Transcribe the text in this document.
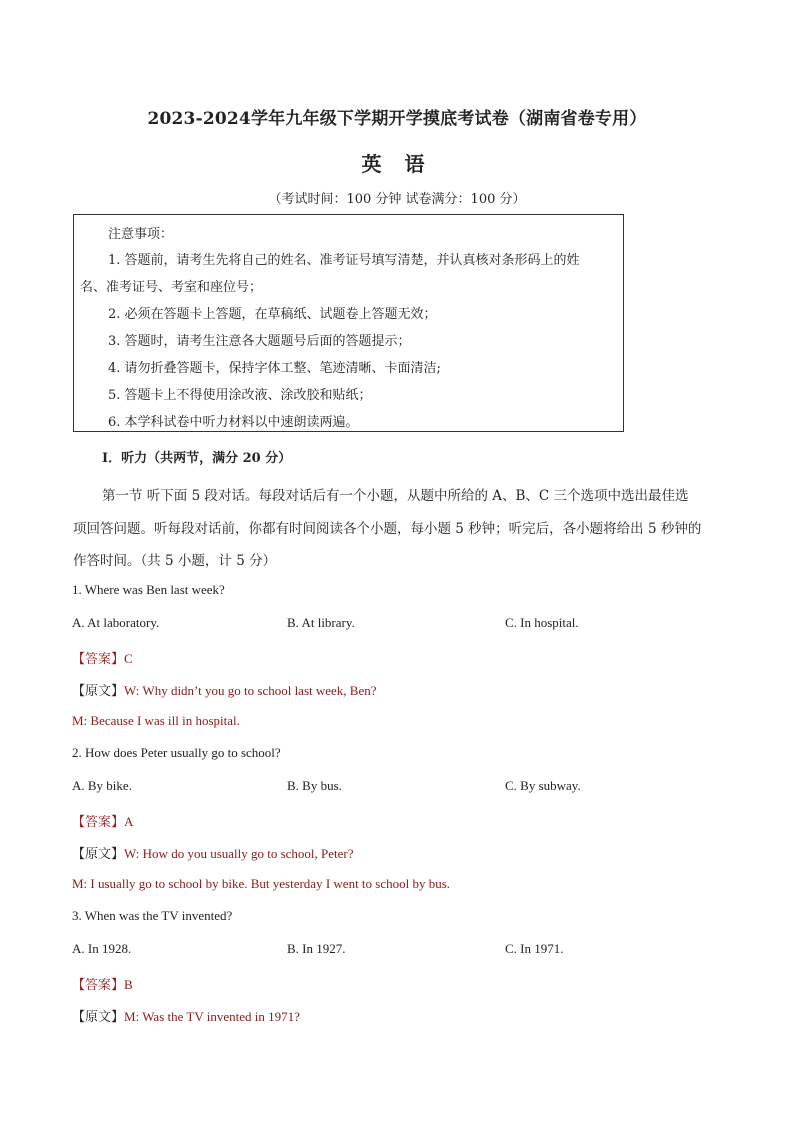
2023-2024学年九年级下学期开学摸底考试卷（湖南省卷专用）
英 语
（考试时间：100 分钟 试卷满分：100 分）
注意事项：
1. 答题前，请考生先将自己的姓名、准考证号填写清楚，并认真核对条形码上的姓
名、准考证号、考室和座位号；
2. 必须在答题卡上答题，在草稿纸、试题卷上答题无效；
3. 答题时，请考生注意各大题题号后面的答题提示；
4. 请勿折叠答题卡，保持字体工整、笔迹清晰、卡面清洁;
5. 答题卡上不得使用涂改液、涂改胶和贴纸；
6. 本学科试卷中听力材料以中速朗读两遍。
I．听力（共两节，满分 20 分）
第一节 听下面 5 段对话。每段对话后有一个小题，从题中所给的 A、B、C 三个选项中选出最佳选
项回答问题。听每段对话前，你都有时间阅读各个小题，每小题 5 秒钟；听完后，各小题将给出 5 秒钟的
作答时间。（共 5 小题，计 5 分）
1. Where was Ben last week?
A. At laboratory.	B. At library.	C. In hospital.
【答案】C
【原文】W: Why didn’t you go to school last week, Ben?
M: Because I was ill in hospital.
2. How does Peter usually go to school?
A. By bike.	B. By bus.	C. By subway.
【答案】A
【原文】W: How do you usually go to school, Peter?
M: I usually go to school by bike. But yesterday I went to school by bus.
3. When was the TV invented?
A. In 1928.	B. In 1927.	C. In 1971.
【答案】B
【原文】M: Was the TV invented in 1971?
